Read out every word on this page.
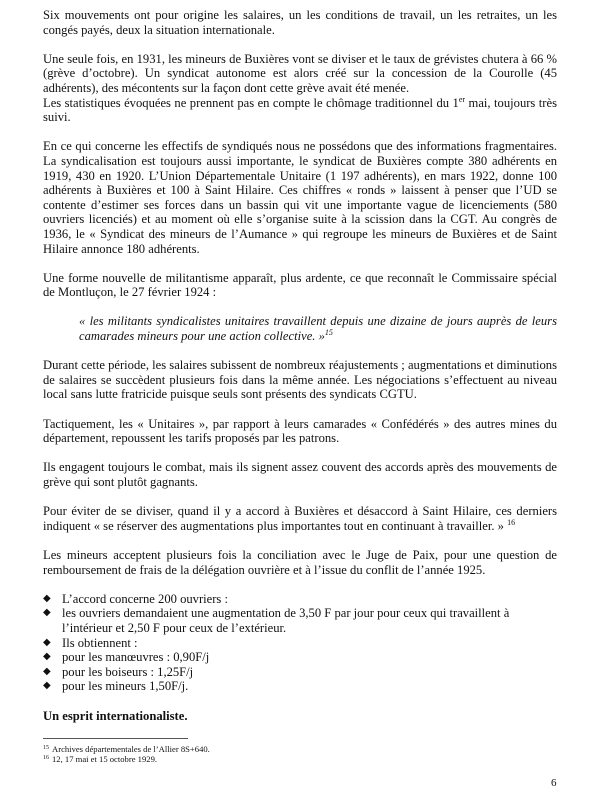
Six mouvements ont pour origine les salaires, un les conditions de travail, un les retraites, un les congés payés, deux la situation internationale.

Une seule fois, en 1931, les mineurs de Buxières vont se diviser et le taux de grévistes chutera à 66 % (grève d’octobre). Un syndicat autonome est alors créé sur la concession de la Courolle (45 adhérents), des mécontents sur la façon dont cette grève avait été menée.

Les statistiques évoquées ne prennent pas en compte le chômage traditionnel du 1er mai, toujours très suivi.

En ce qui concerne les effectifs de syndiqués nous ne possédons que des informations fragmentaires. La syndicalisation est toujours aussi importante, le syndicat de Buxières compte 380 adhérents en 1919, 430 en 1920. L’Union Départementale Unitaire (1 197 adhérents), en mars 1922, donne 100 adhérents à Buxières et 100 à Saint Hilaire. Ces chiffres « ronds » laissent à penser que l’UD se contente d’estimer ses forces dans un bassin qui vit une importante vague de licenciements (580 ouvriers licenciés) et au moment où elle s’organise suite à la scission dans la CGT. Au congrès de 1936, le « Syndicat des mineurs de l’Aumance » qui regroupe les mineurs de Buxières et de Saint Hilaire annonce 180 adhérents.

Une forme nouvelle de militantisme apparaît, plus ardente, ce que reconnaît le Commissaire spécial de Montluçon, le 27 février 1924 :

« les militants syndicalistes unitaires travaillent depuis une dizaine de jours auprès de leurs camarades mineurs pour une action collective. »$^{15}$

Durant cette période, les salaires subissent de nombreux réajustements ; augmentations et diminutions de salaires se succèdent plusieurs fois dans la même année. Les négociations s’effectuent au niveau local sans lutte fratricide puisque seuls sont présents des syndicats CGTU.

Tactiquement, les « Unitaires », par rapport à leurs camarades « Confédérés » des autres mines du département, repoussent les tarifs proposés par les patrons.

Ils engagent toujours le combat, mais ils signent assez couvent des accords après des mouvements de grève qui sont plutôt gagnants.

Pour éviter de se diviser, quand il y a accord à Buxières et désaccord à Saint Hilaire, ces derniers indiquent « se réserver des augmentations plus importantes tout en continuant à travailler. » $^{16}$

Les mineurs acceptent plusieurs fois la conciliation avec le Juge de Paix, pour une question de remboursement de frais de la délégation ouvrière et à l’issue du conflit de l’année 1925.

◆ L’accord concerne 200 ouvriers :
◆ les ouvriers demandaient une augmentation de 3,50 F par jour pour ceux qui travaillent à l’intérieur et 2,50 F pour ceux de l’extérieur.
◆ Ils obtiennent :
◆ pour les manœuvres : 0,90F/j
◆ pour les boiseurs : 1,25F/j
◆ pour les mineurs 1,50F/j.
Un esprit internationaliste.
$^{15}$ Archives départementales de l’Allier 8S+640.
$^{16}$ 12, 17 mai et 15 octobre 1929.
6
